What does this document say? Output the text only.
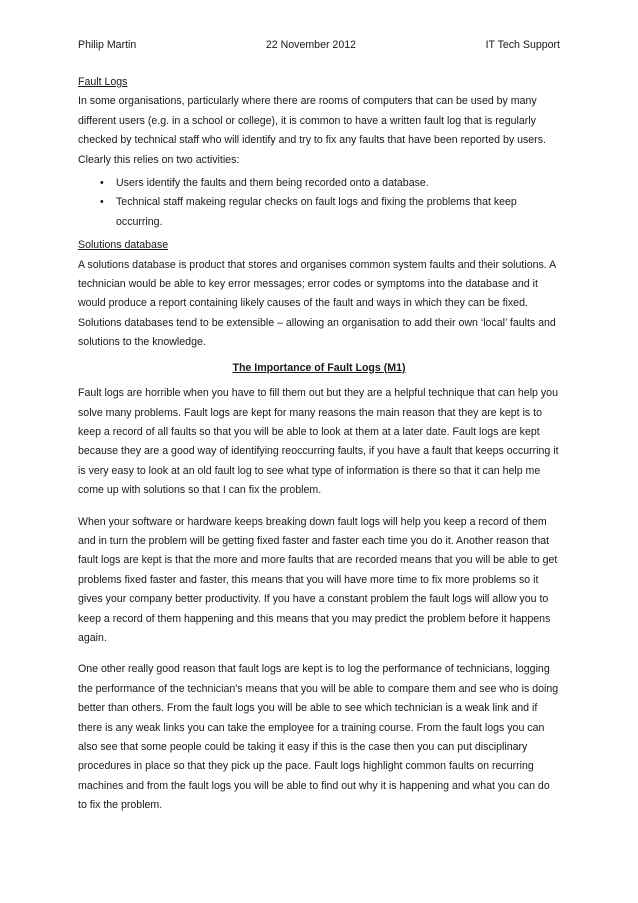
Philip Martin	22 November 2012	IT Tech Support

Fault Logs

In some organisations, particularly where there are rooms of computers that can be used by many different users (e.g. in a school or college), it is common to have a written fault log that is regularly checked by technical staff who will identify and try to fix any faults that have been reported by users. Clearly this relies on two activities:

• Users identify the faults and them being recorded onto a database.
• Technical staff makeing regular checks on fault logs and fixing the problems that keep occurring.

Solutions database

A solutions database is product that stores and organises common system faults and their solutions. A technician would be able to key error messages; error codes or symptoms into the database and it would produce a report containing likely causes of the fault and ways in which they can be fixed. Solutions databases tend to be extensible – allowing an organisation to add their own ‘local’ faults and solutions to the knowledge.

The Importance of Fault Logs (M1)

Fault logs are horrible when you have to fill them out but they are a helpful technique that can help you solve many problems. Fault logs are kept for many reasons the main reason that they are kept is to keep a record of all faults so that you will be able to look at them at a later date. Fault logs are kept because they are a good way of identifying reoccurring faults, if you have a fault that keeps occurring it is very easy to look at an old fault log to see what type of information is there so that it can help me come up with solutions so that I can fix the problem.

When your software or hardware keeps breaking down fault logs will help you keep a record of them and in turn the problem will be getting fixed faster and faster each time you do it. Another reason that fault logs are kept is that the more and more faults that are recorded means that you will be able to get problems fixed faster and faster, this means that you will have more time to fix more problems so it gives your company better productivity. If you have a constant problem the fault logs will allow you to keep a record of them happening and this means that you may predict the problem before it happens again.

One other really good reason that fault logs are kept is to log the performance of technicians, logging the performance of the technician's means that you will be able to compare them and see who is doing better than others. From the fault logs you will be able to see which technician is a weak link and if there is any weak links you can take the employee for a training course. From the fault logs you can also see that some people could be taking it easy if this is the case then you can put disciplinary procedures in place so that they pick up the pace. Fault logs highlight common faults on recurring machines and from the fault logs you will be able to find out why it is happening and what you can do to fix the problem.
